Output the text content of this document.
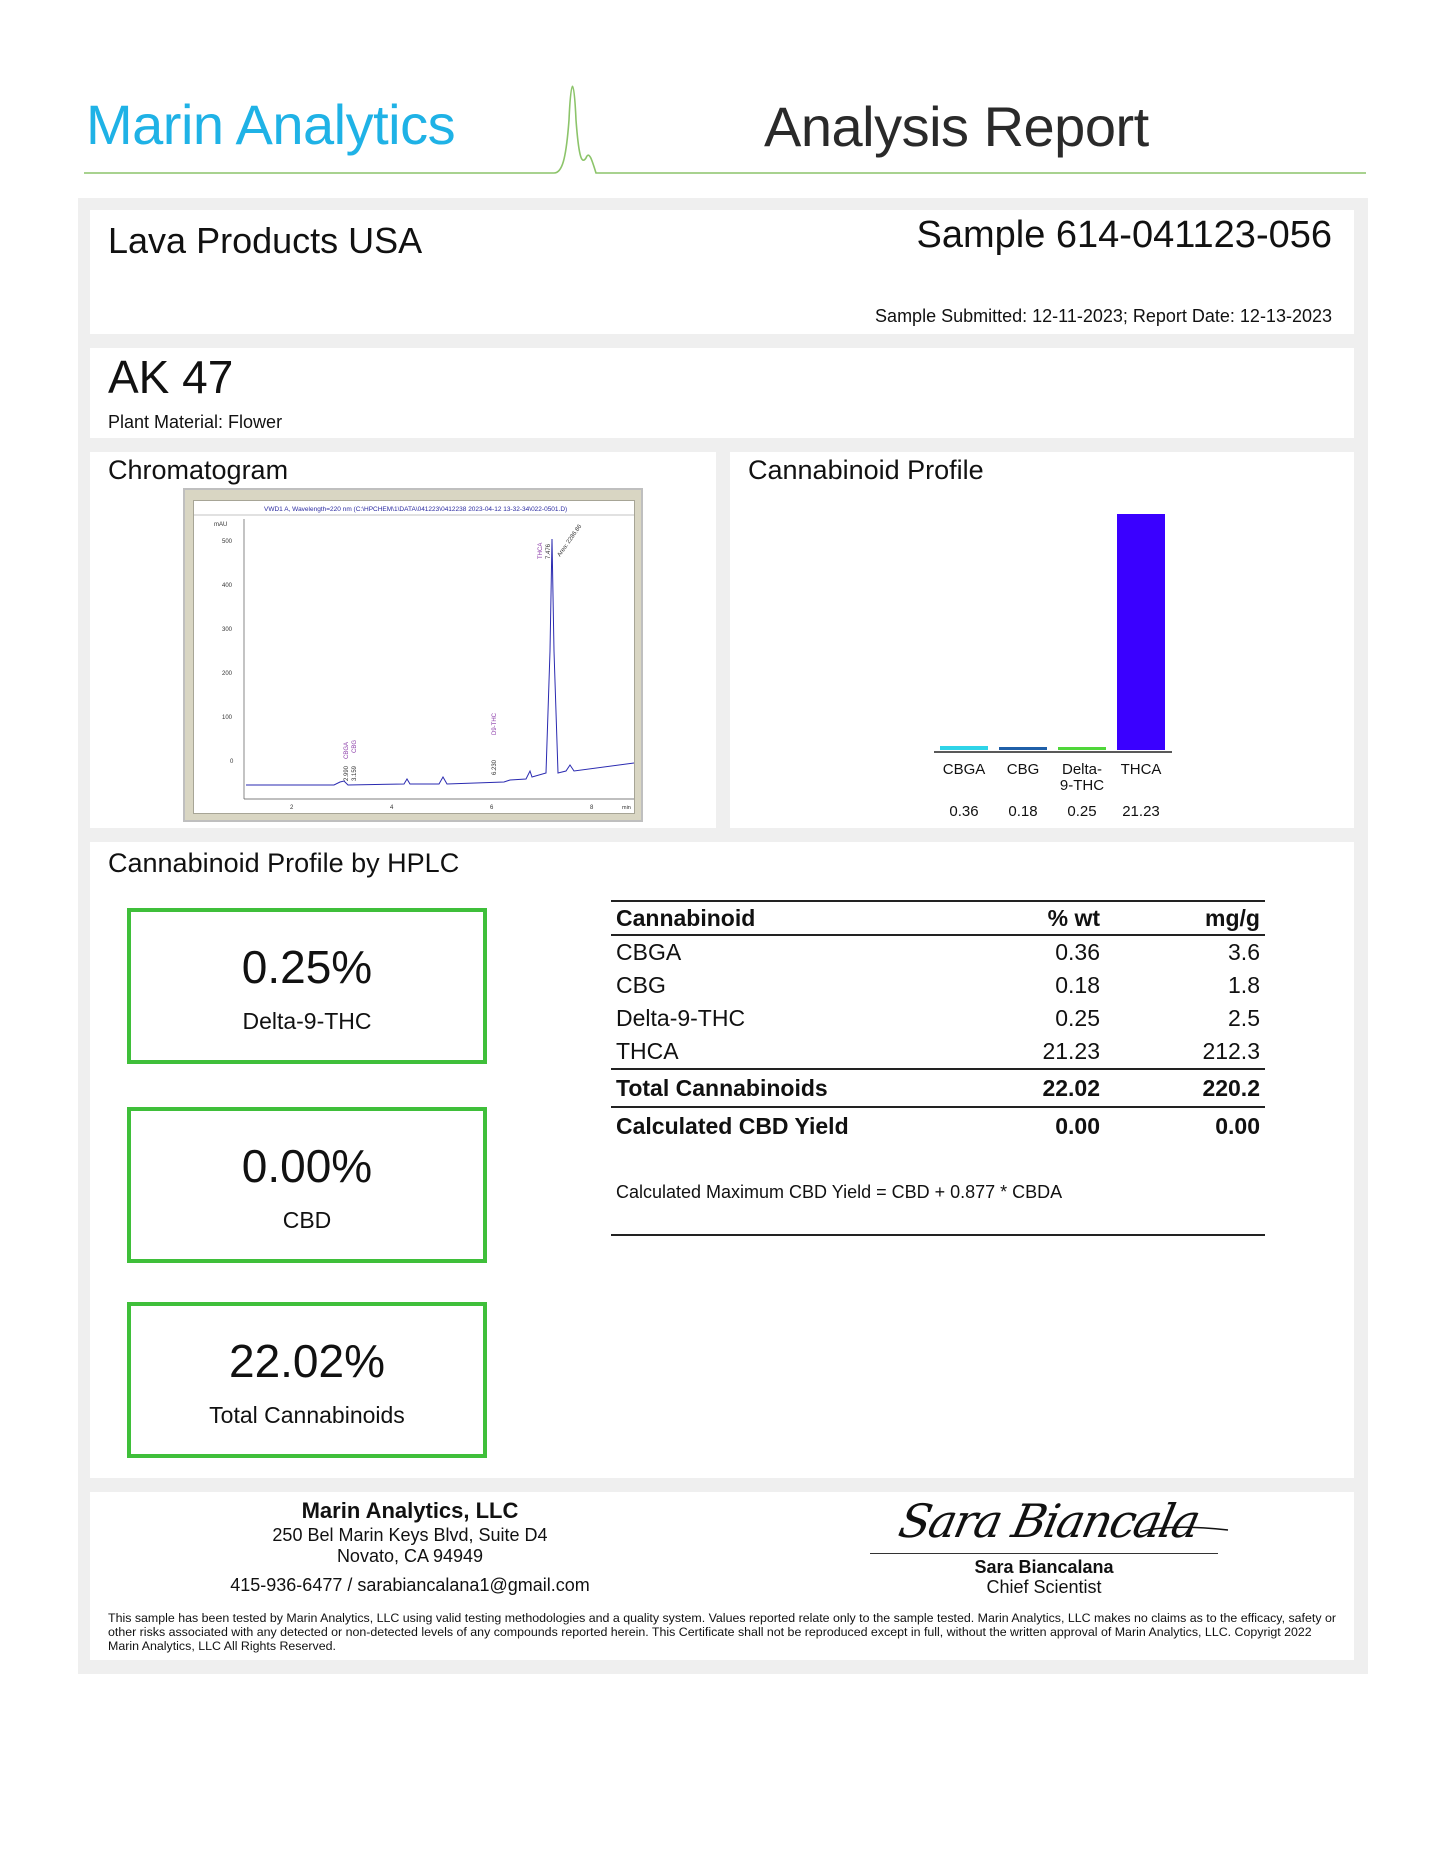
Marin Analytics	Analysis Report
Lava Products USA	Sample 614-041123-056
Sample Submitted: 12-11-2023; Report Date: 12-13-2023
AK 47
Plant Material: Flower
Chromatogram
VWD1 A, Wavelength=220 nm (C:\HPCHEM\1\DATA\041223\0412238 2023-04-12 13-32-34\022-0501.D)
mAU
500
400
300
200
100
0
2	4	6	8	min
CBGA CBG
2.990 3.159
D9-THC
6.230
THCA 7.476 Area: 2286.86
Cannabinoid Profile
CBGA
0.36
CBG
0.18
Delta-
9-THC
0.25
THCA
21.23
Cannabinoid Profile by HPLC
0.25%
Delta-9-THC
0.00%
CBD
22.02%
Total Cannabinoids
Cannabinoid	% wt	mg/g
CBGA	0.36	3.6
CBG	0.18	1.8
Delta-9-THC	0.25	2.5
THCA	21.23	212.3
Total Cannabinoids	22.02	220.2
Calculated CBD Yield	0.00	0.00
Calculated Maximum CBD Yield = CBD + 0.877 * CBDA
Marin Analytics, LLC
250 Bel Marin Keys Blvd, Suite D4
Novato, CA 94949
415-936-6477 / sarabiancalana1@gmail.com
Sara Biancala
Sara Biancalana
Chief Scientist
This sample has been tested by Marin Analytics, LLC using valid testing methodologies and a quality system. Values reported relate only to the sample tested. Marin Analytics, LLC makes no claims as to the efficacy, safety or other risks associated with any detected or non-detected levels of any compounds reported herein. This Certificate shall not be reproduced except in full, without the written approval of Marin Analytics, LLC. Copyrigt 2022 Marin Analytics, LLC All Rights Reserved.
